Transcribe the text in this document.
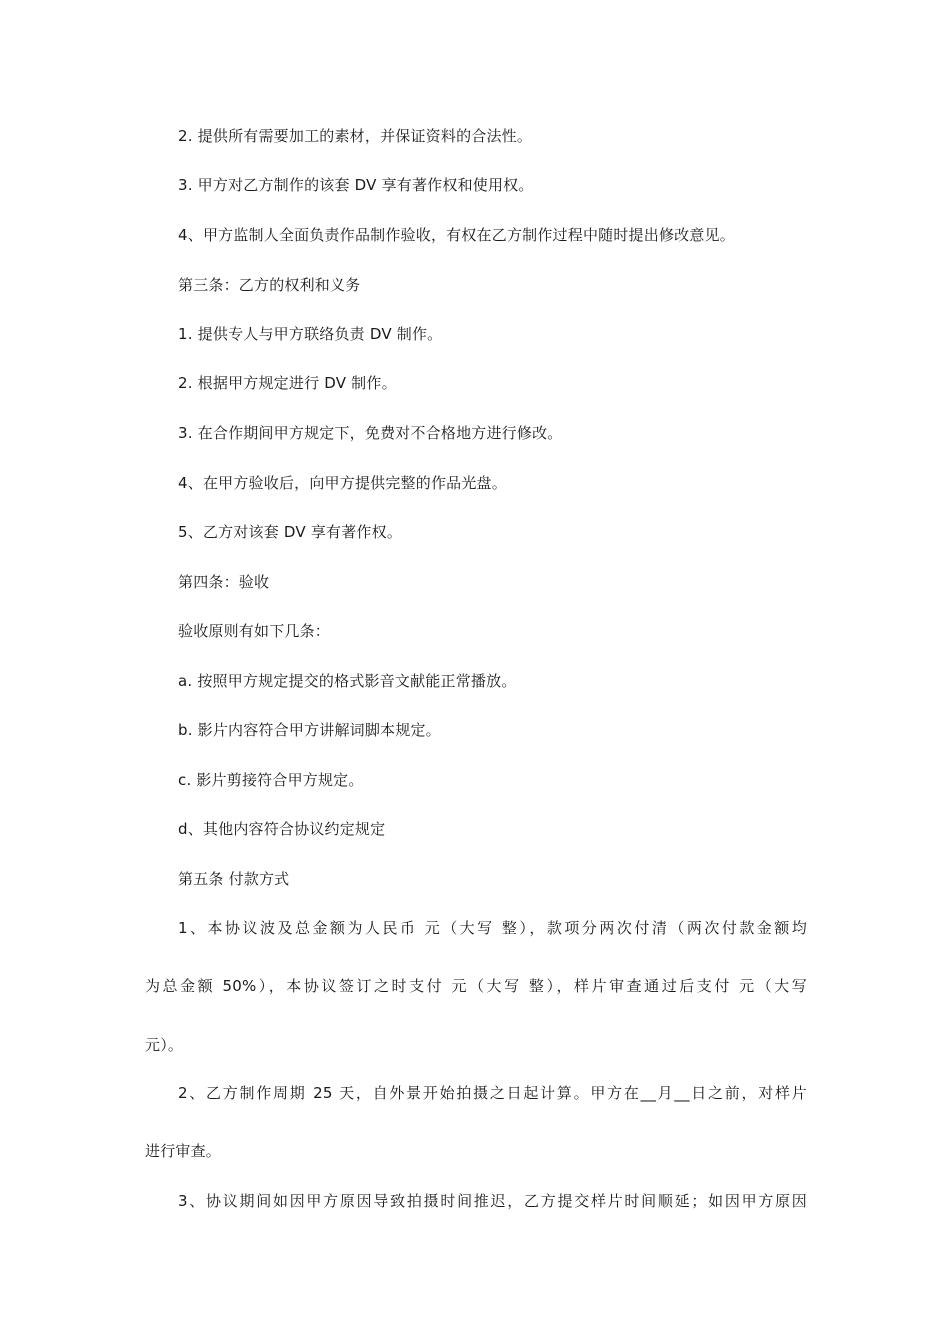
2. 提供所有需要加工的素材，并保证资料的合法性。
3. 甲方对乙方制作的该套 DV 享有著作权和使用权。
4、甲方监制人全面负责作品制作验收，有权在乙方制作过程中随时提出修改意见。
第三条：乙方的权利和义务
1. 提供专人与甲方联络负责 DV 制作。
2. 根据甲方规定进行 DV 制作。
3. 在合作期间甲方规定下，免费对不合格地方进行修改。
4、在甲方验收后，向甲方提供完整的作品光盘。
5、乙方对该套 DV 享有著作权。
第四条：验收
验收原则有如下几条：
a. 按照甲方规定提交的格式影音文献能正常播放。
b. 影片内容符合甲方讲解词脚本规定。
c. 影片剪接符合甲方规定。
d、其他内容符合协议约定规定
第五条 付款方式
1、本协议波及总金额为人民币 元（大写 整），款项分两次付清（两次付款金额均
为总金额 50%），本协议签订之时支付 元（大写 整），样片审查通过后支付 元（大写
元）。
2、乙方制作周期 25 天，自外景开始拍摄之日起计算。甲方在__月__日之前，对样片
进行审查。
3、协议期间如因甲方原因导致拍摄时间推迟，乙方提交样片时间顺延；如因甲方原因
